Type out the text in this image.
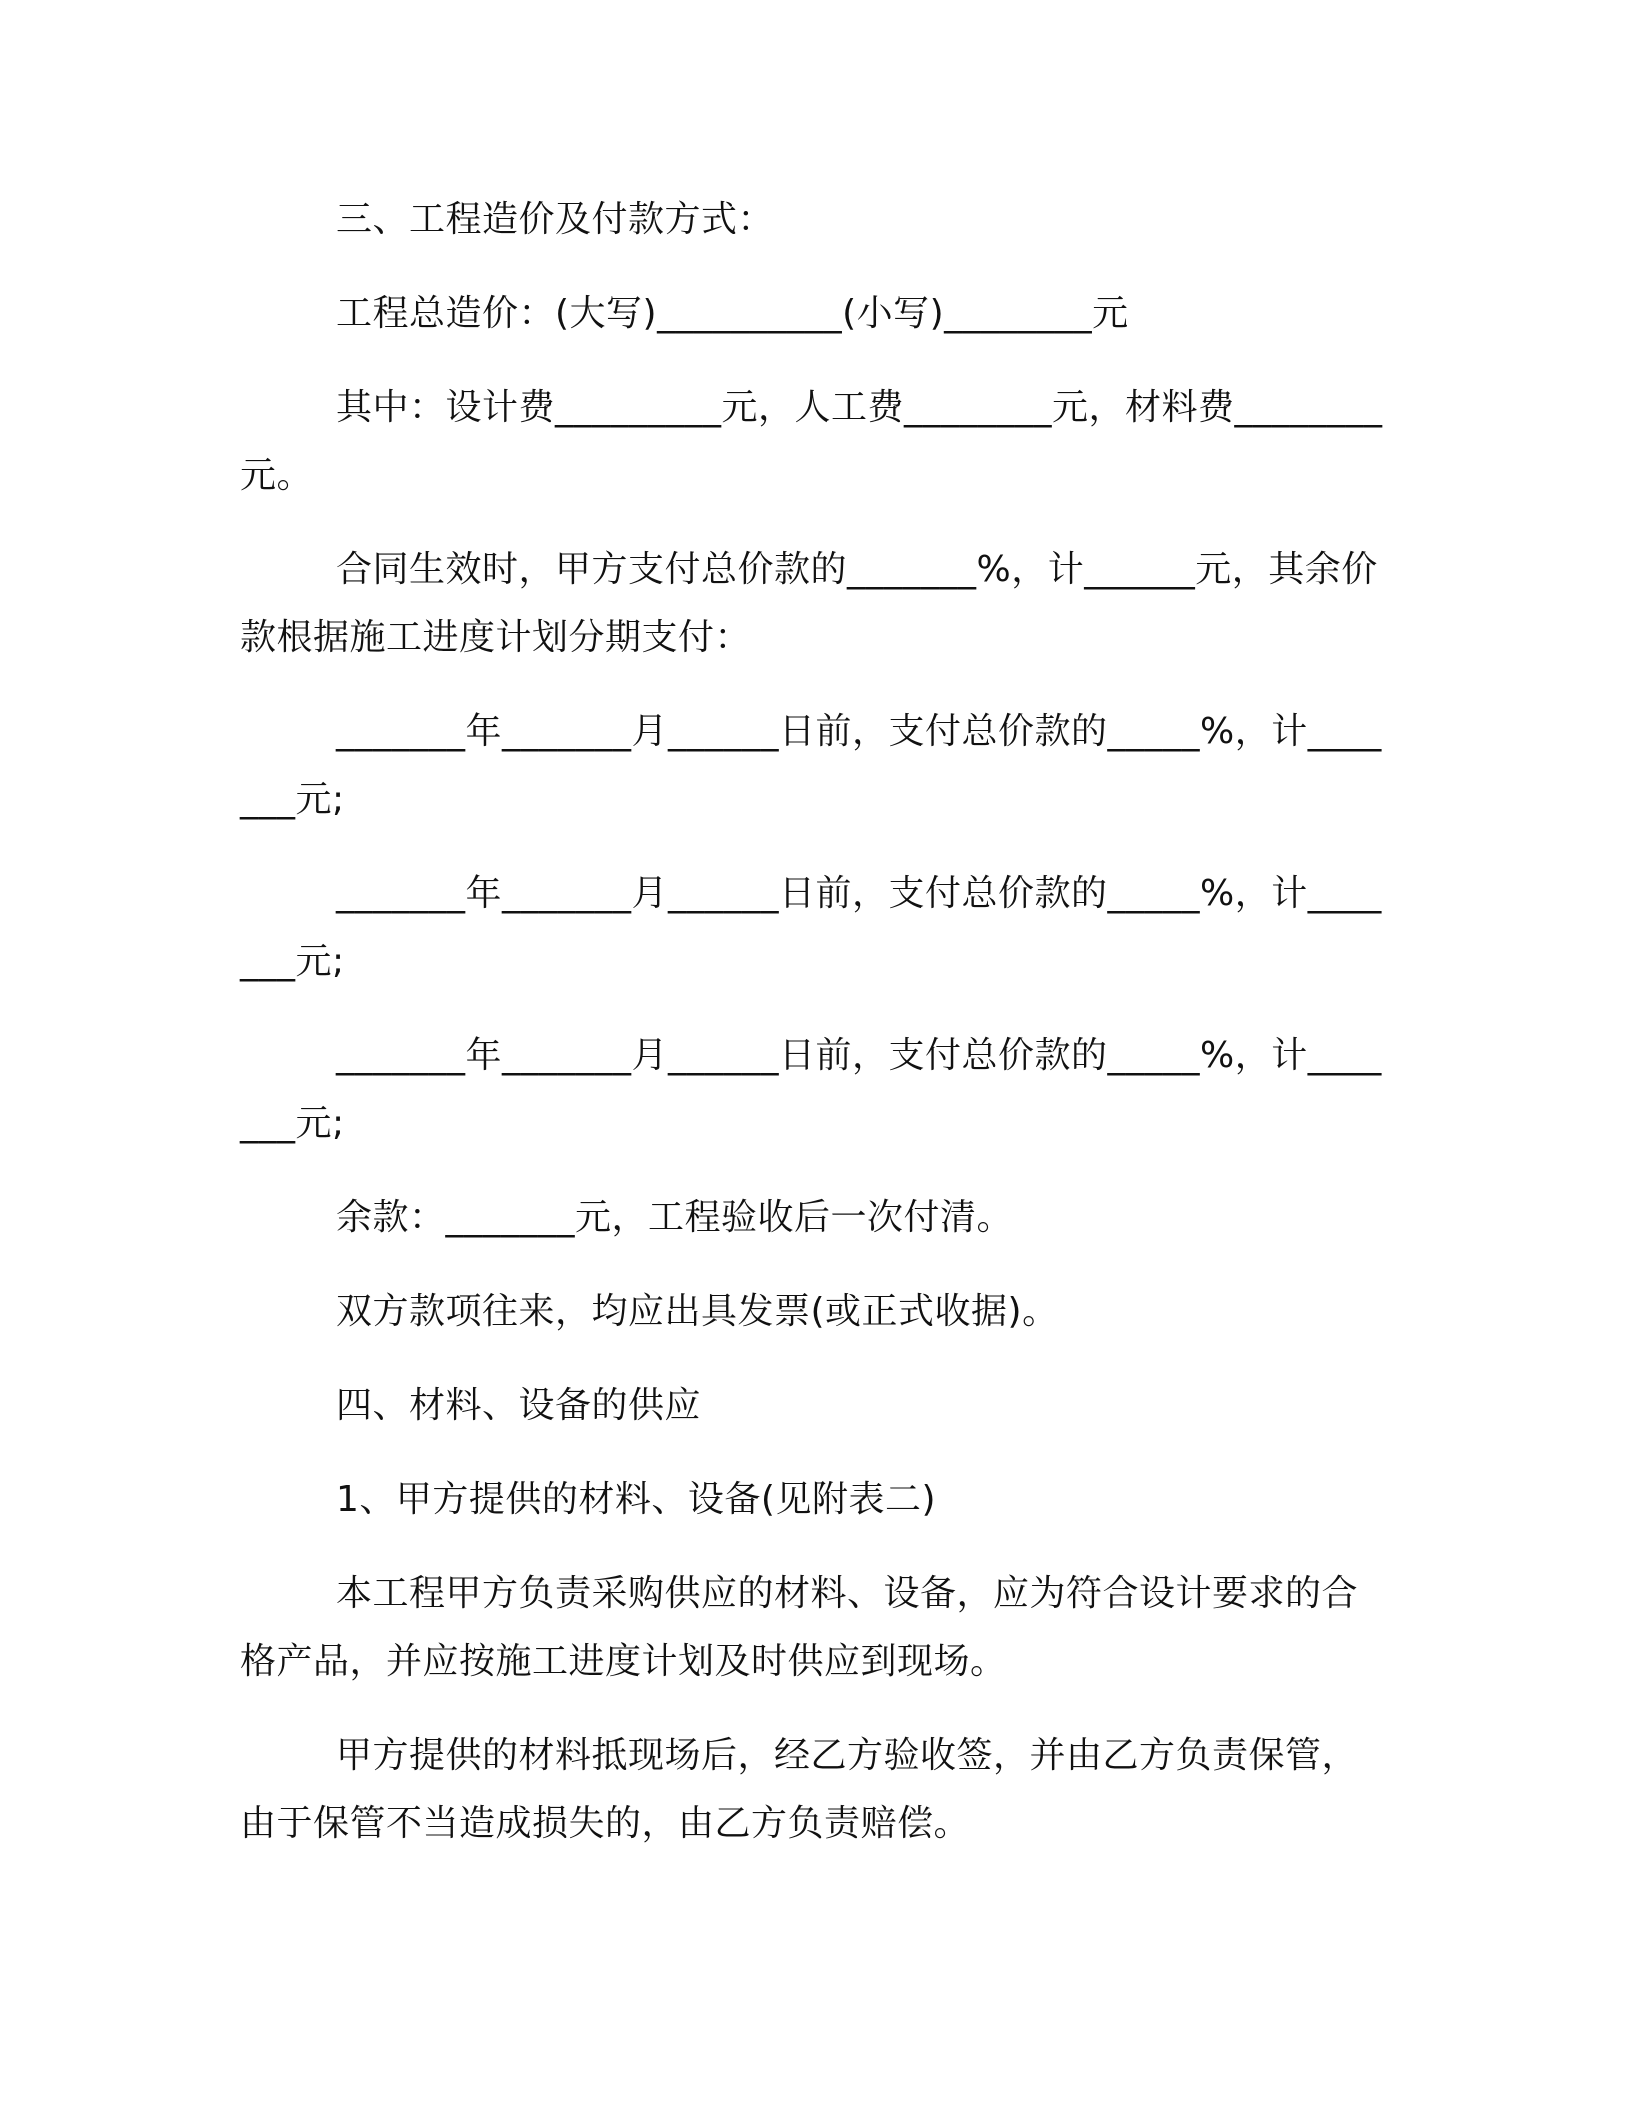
三、工程造价及付款方式：

工程总造价：(大写)__________(小写)________元

其中：设计费_________元，人工费________元，材料费________元。

合同生效时，甲方支付总价款的_______%，计______元，其余价款根据施工进度计划分期支付：

_______年_______月______日前，支付总价款的_____%，计_______元;

_______年_______月______日前，支付总价款的_____%，计_______元;

_______年_______月______日前，支付总价款的_____%，计_______元;

余款：_______元，工程验收后一次付清。

双方款项往来，均应出具发票(或正式收据)。

四、材料、设备的供应

1、甲方提供的材料、设备(见附表二)

本工程甲方负责采购供应的材料、设备，应为符合设计要求的合格产品，并应按施工进度计划及时供应到现场。

甲方提供的材料抵现场后，经乙方验收签，并由乙方负责保管，由于保管不当造成损失的，由乙方负责赔偿。
